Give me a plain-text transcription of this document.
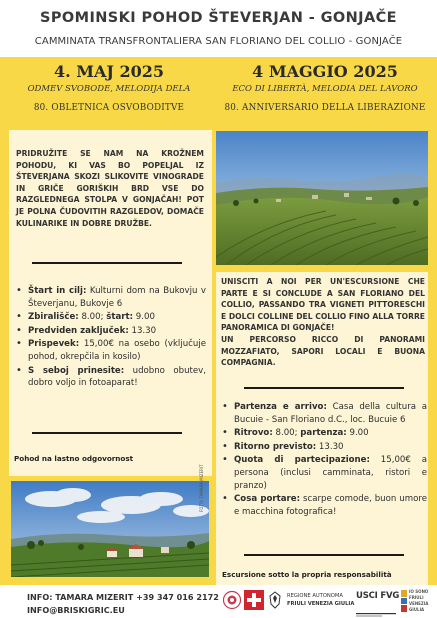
SPOMINSKI POHOD ŠTEVERJAN - GONJAČE
CAMMINATA TRANSFRONTALIERA SAN FLORIANO DEL COLLIO - GONJAČE
4. MAJ 2025
ODMEV SVOBODE, MELODIJA DELA
80. OBLETNICA OSVOBODITVE
4 MAGGIO 2025
ECO DI LIBERTÀ, MELODIA DEL LAVORO
80. ANNIVERSARIO DELLA LIBERAZIONE
PRIDRUŽITE SE NAM NA KROŽNEM POHODU, KI VAS BO POPELJAL IZ ŠTEVERJANA SKOZI SLIKOVITE VINOGRADE IN GRIČE GORIŠKIH BRD VSE DO RAZGLEDNEGA STOLPA V GONJAČAH! POT JE POLNA ČUDOVITIH RAZGLEDOV, DOMAČE KULINARIKE IN DOBRE DRUŽBE.
• Štart in cilj: Kulturni dom na Bukovju v Števerjanu, Bukovje 6
• Zbirališče: 8.00; štart: 9.00
• Predviden zaključek: 13.30
• Prispevek: 15,00€ na osebo (vključuje pohod, okrepčila in kosilo)
• S seboj prinesite: udobno obutev, dobro voljo in fotoaparat!
Pohod na lastno odgovornost
UNISCITI A NOI PER UN'ESCURSIONE CHE PARTE E SI CONCLUDE A SAN FLORIANO DEL COLLIO, PASSANDO TRA VIGNETI PITTORESCHI E DOLCI COLLINE DEL COLLIO FINO ALLA TORRE PANORAMICA DI GONJAČE!
UN PERCORSO RICCO DI PANORAMI MOZZAFIATO, SAPORI LOCALI E BUONA COMPAGNIA.
• Partenza e arrivo: Casa della cultura a Bucuie - San Floriano d.C., loc. Bucuie 6
• Ritrovo: 8.00; partenza: 9.00
• Ritorno previsto: 13.30
• Quota di partecipazione: 15,00€ a persona (inclusi camminata, ristori e pranzo)
• Cosa portare: scarpe comode, buon umore e macchina fotografica!
Escursione sotto la propria responsabilità
FOTO: TAMARA MIZERIT
INFO: TAMARA MIZERIT +39 347 016 2172
INFO@BRISKIGRIC.EU
REGIONE AUTONOMA
FRIULI VENEZIA GIULIA
USCI FVG IO SONO
FRIULI
VENEZIA
GIULIA
